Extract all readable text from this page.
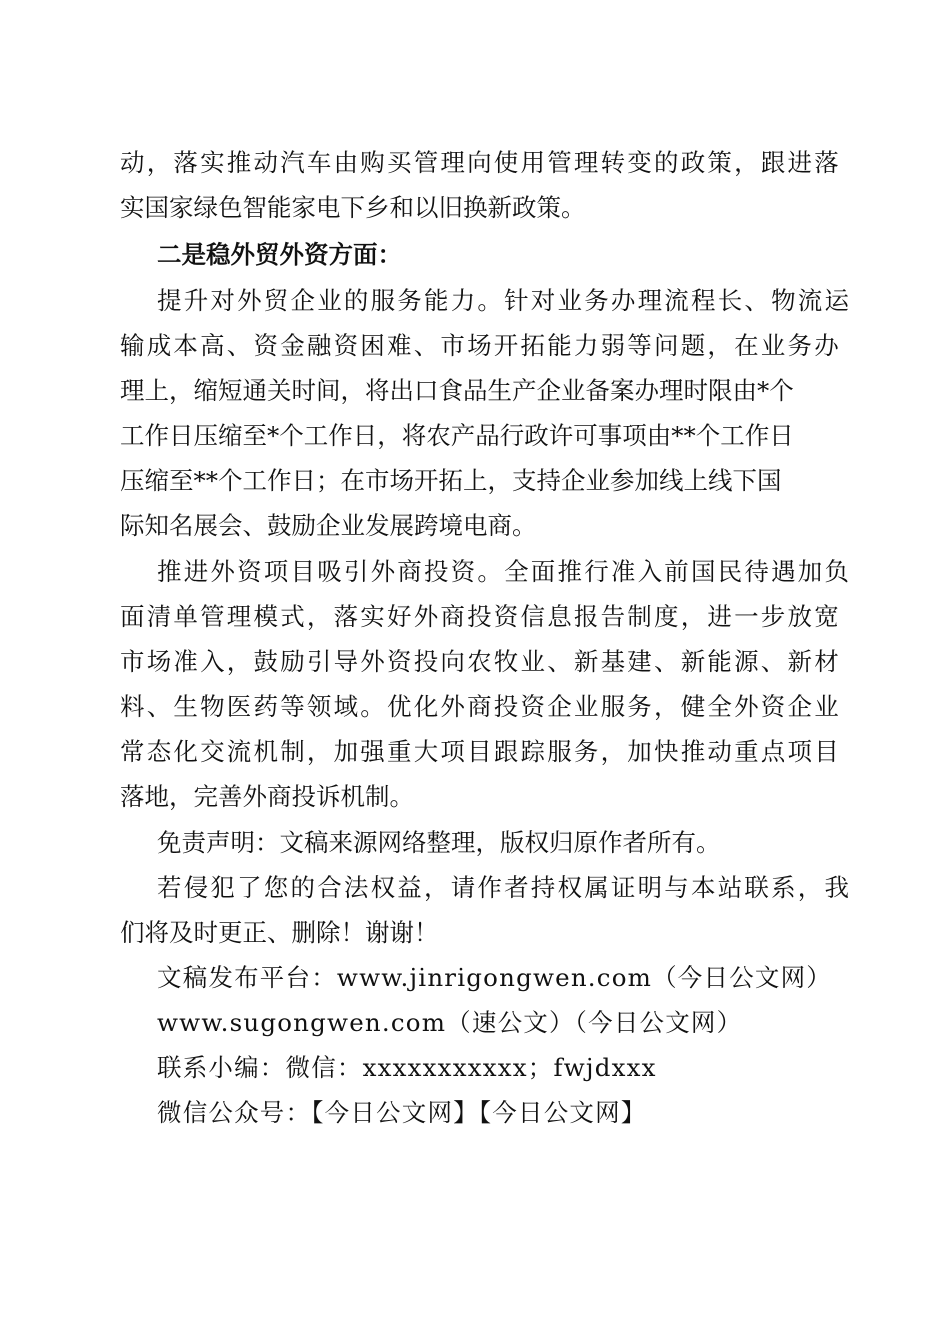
动，落实推动汽车由购买管理向使用管理转变的政策，跟进落
实国家绿色智能家电下乡和以旧换新政策。
二是稳外贸外资方面：
提升对外贸企业的服务能力。针对业务办理流程长、物流运
输成本高、资金融资困难、市场开拓能力弱等问题，在业务办
理上，缩短通关时间，将出口食品生产企业备案办理时限由*个
工作日压缩至*个工作日，将农产品行政许可事项由**个工作日
压缩至**个工作日；在市场开拓上，支持企业参加线上线下国
际知名展会、鼓励企业发展跨境电商。
推进外资项目吸引外商投资。全面推行准入前国民待遇加负
面清单管理模式，落实好外商投资信息报告制度，进一步放宽
市场准入，鼓励引导外资投向农牧业、新基建、新能源、新材
料、生物医药等领域。优化外商投资企业服务，健全外资企业
常态化交流机制，加强重大项目跟踪服务，加快推动重点项目
落地，完善外商投诉机制。
免责声明：文稿来源网络整理，版权归原作者所有。
若侵犯了您的合法权益，请作者持权属证明与本站联系，我
们将及时更正、删除！谢谢！
文稿发布平台：www.jinrigongwen.com（今日公文网）
www.sugongwen.com（速公文）（今日公文网）
联系小编：微信：xxxxxxxxxxx；fwjdxxx
微信公众号：【今日公文网】【今日公文网】
